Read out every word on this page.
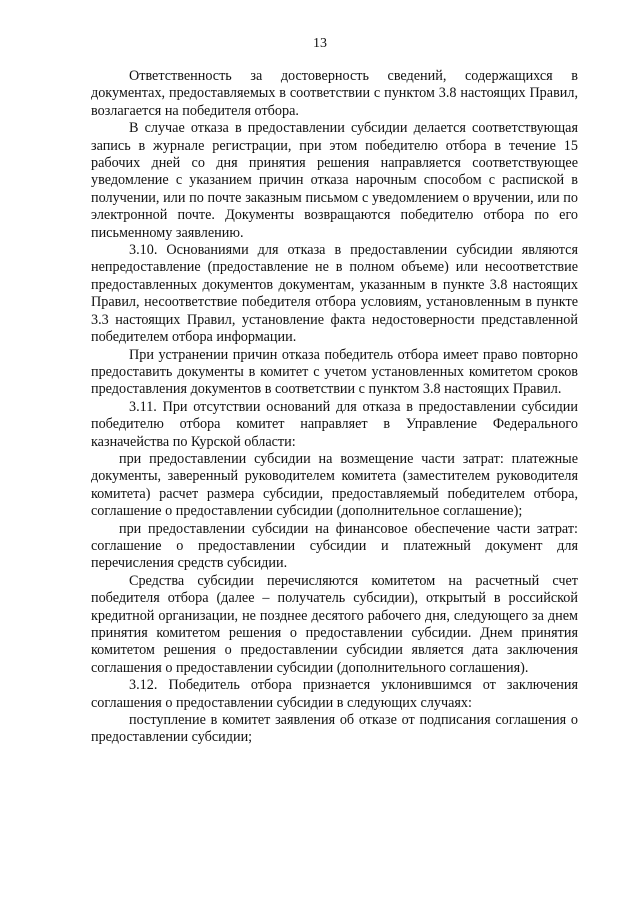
13

Ответственность за достоверность сведений, содержащихся в документах, предоставляемых в соответствии с пунктом 3.8 настоящих Правил, возлагается на победителя отбора.

В случае отказа в предоставлении субсидии делается соответствующая запись в журнале регистрации, при этом победителю отбора в течение 15 рабочих дней со дня принятия решения направляется соответствующее уведомление с указанием причин отказа нарочным способом с распиской в получении, или по почте заказным письмом с уведомлением о вручении, или по электронной почте. Документы возвращаются победителю отбора по его письменному заявлению.

3.10. Основаниями для отказа в предоставлении субсидии являются непредоставление (предоставление не в полном объеме) или несоответствие предоставленных документов документам, указанным в пункте 3.8 настоящих Правил, несоответствие победителя отбора условиям, установленным в пункте 3.3 настоящих Правил, установление факта недостоверности представленной победителем отбора информации.

При устранении причин отказа победитель отбора имеет право повторно предоставить документы в комитет с учетом установленных комитетом сроков предоставления документов в соответствии с пунктом 3.8 настоящих Правил.

3.11. При отсутствии оснований для отказа в предоставлении субсидии победителю отбора комитет направляет в Управление Федерального казначейства по Курской области:

при предоставлении субсидии на возмещение части затрат: платежные документы, заверенный руководителем комитета (заместителем руководителя комитета) расчет размера субсидии, предоставляемый победителем отбора, соглашение о предоставлении субсидии (дополнительное соглашение);

при предоставлении субсидии на финансовое обеспечение части затрат: соглашение о предоставлении субсидии и платежный документ для перечисления средств субсидии.

Средства субсидии перечисляются комитетом на расчетный счет победителя отбора (далее – получатель субсидии), открытый в российской кредитной организации, не позднее десятого рабочего дня, следующего за днем принятия комитетом решения о предоставлении субсидии. Днем принятия комитетом решения о предоставлении субсидии является дата заключения соглашения о предоставлении субсидии (дополнительного соглашения).

3.12. Победитель отбора признается уклонившимся от заключения соглашения о предоставлении субсидии в следующих случаях:

поступление в комитет заявления об отказе от подписания соглашения о предоставлении субсидии;
